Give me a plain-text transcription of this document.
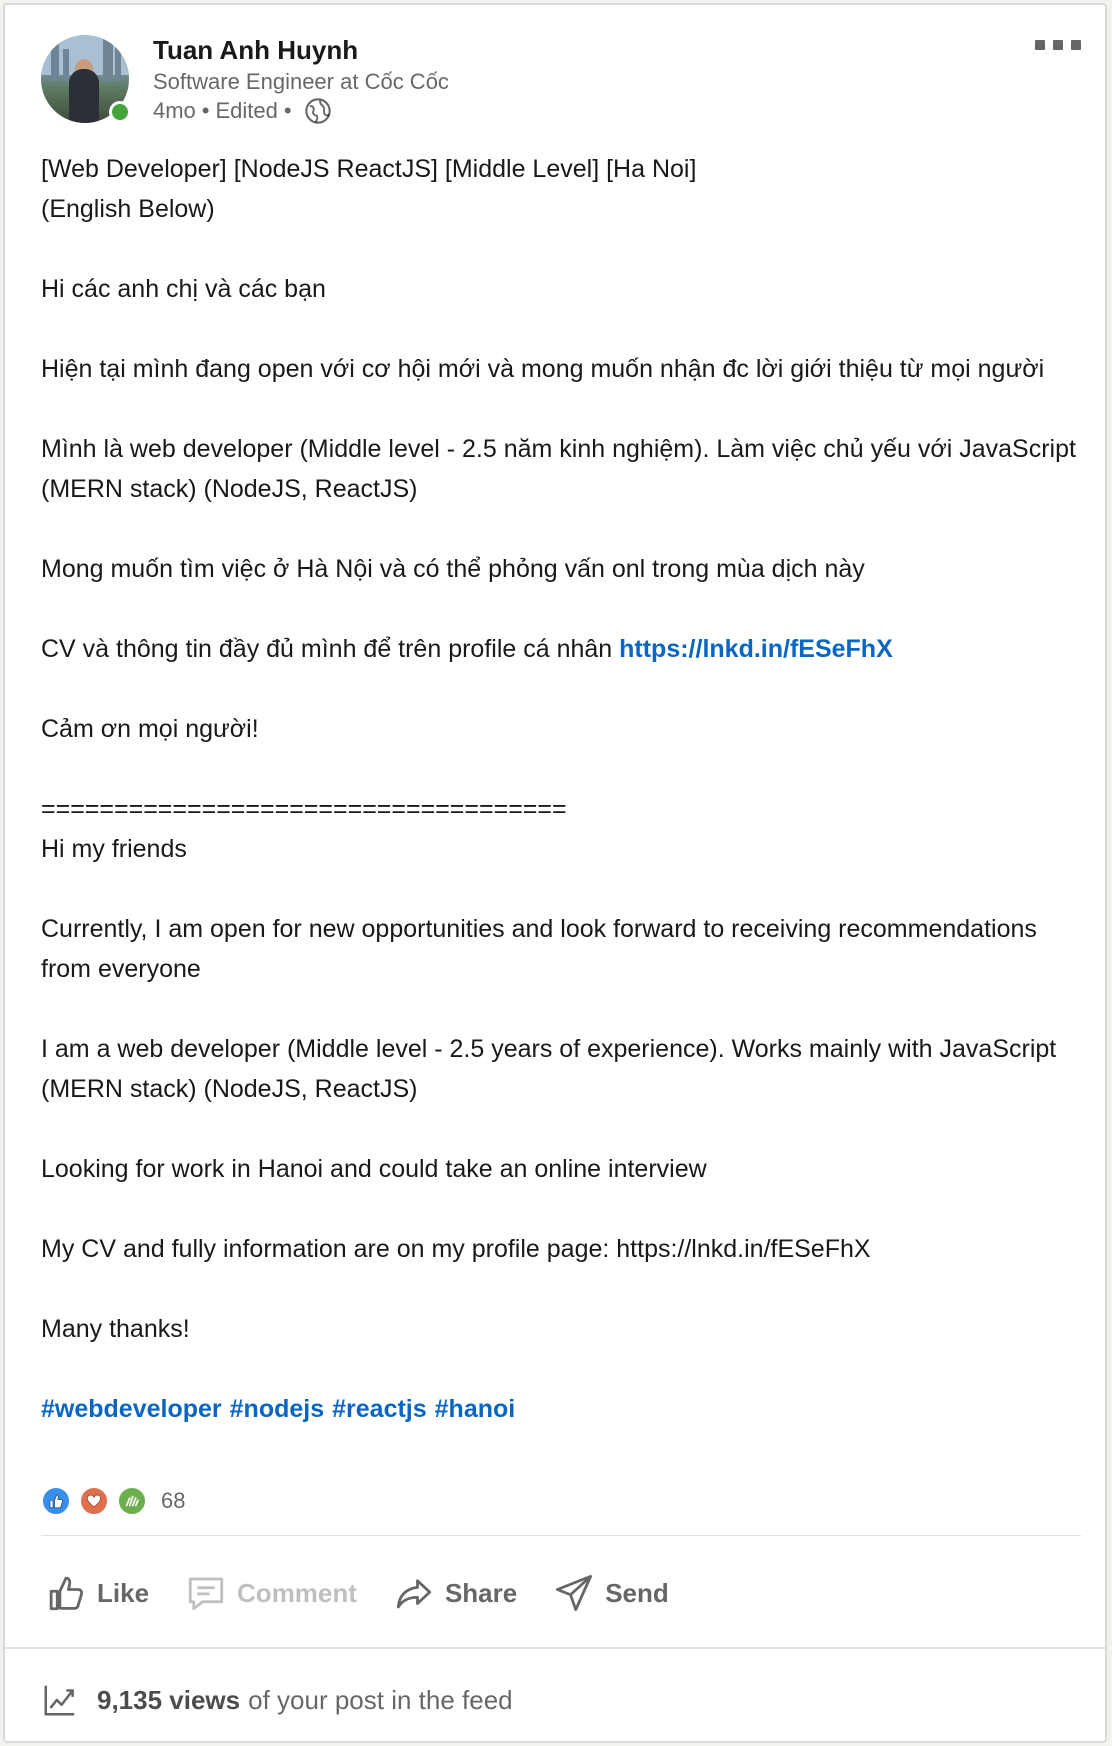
Tuan Anh Huynh
Software Engineer at Cốc Cốc
4mo • Edited •

[Web Developer] [NodeJS ReactJS] [Middle Level] [Ha Noi]

(English Below)

Hi các anh chị và các bạn

Hiện tại mình đang open với cơ hội mới và mong muốn nhận đc lời giới thiệu từ mọi người

Mình là web developer (Middle level - 2.5 năm kinh nghiệm). Làm việc chủ yếu với JavaScript (MERN stack) (NodeJS, ReactJS)

Mong muốn tìm việc ở Hà Nội và có thể phỏng vấn onl trong mùa dịch này

CV và thông tin đầy đủ mình để trên profile cá nhân https://lnkd.in/fESeFhX

Cảm ơn mọi người!

====================================

Hi my friends

Currently, I am open for new opportunities and look forward to receiving recommendations from everyone

I am a web developer (Middle level - 2.5 years of experience). Works mainly with JavaScript (MERN stack) (NodeJS, ReactJS)

Looking for work in Hanoi and could take an online interview

My CV and fully information are on my profile page: https://lnkd.in/fESeFhX

Many thanks!

#webdeveloper #nodejs #reactjs #hanoi

68
Like	Comment	Share	Send
9,135 views of your post in the feed
